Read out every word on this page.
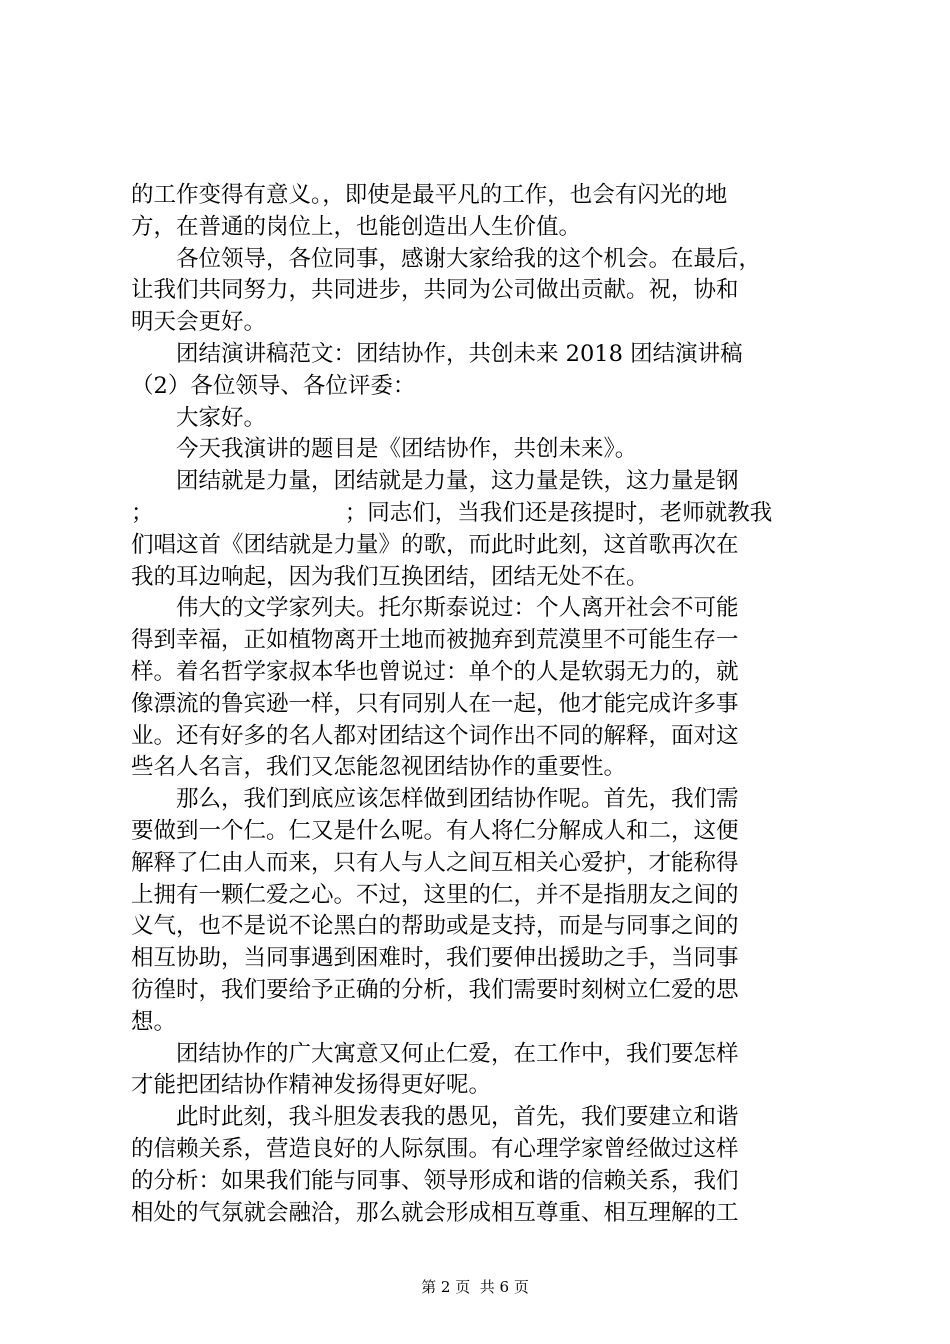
的工作变得有意义。，即使是最平凡的工作，也会有闪光的地
方，在普通的岗位上，也能创造出人生价值。
　　各位领导，各位同事，感谢大家给我的这个机会。在最后，
让我们共同努力，共同进步，共同为公司做出贡献。祝，协和
明天会更好。
　　团结演讲稿范文：团结协作，共创未来 2018 团结演讲稿
（2）各位领导、各位评委：
　　大家好。
　　今天我演讲的题目是《团结协作，共创未来》。
　　团结就是力量，团结就是力量，这力量是铁，这力量是钢
；　　　　　　　　　；同志们，当我们还是孩提时，老师就教我
们唱这首《团结就是力量》的歌，而此时此刻，这首歌再次在
我的耳边响起，因为我们互换团结，团结无处不在。
　　伟大的文学家列夫。托尔斯泰说过：个人离开社会不可能
得到幸福，正如植物离开土地而被抛弃到荒漠里不可能生存一
样。着名哲学家叔本华也曾说过：单个的人是软弱无力的，就
像漂流的鲁宾逊一样，只有同别人在一起，他才能完成许多事
业。还有好多的名人都对团结这个词作出不同的解释，面对这
些名人名言，我们又怎能忽视团结协作的重要性。
　　那么，我们到底应该怎样做到团结协作呢。首先，我们需
要做到一个仁。仁又是什么呢。有人将仁分解成人和二，这便
解释了仁由人而来，只有人与人之间互相关心爱护，才能称得
上拥有一颗仁爱之心。不过，这里的仁，并不是指朋友之间的
义气，也不是说不论黑白的帮助或是支持，而是与同事之间的
相互协助，当同事遇到困难时，我们要伸出援助之手，当同事
彷徨时，我们要给予正确的分析，我们需要时刻树立仁爱的思
想。
　　团结协作的广大寓意又何止仁爱，在工作中，我们要怎样
才能把团结协作精神发扬得更好呢。
　　此时此刻，我斗胆发表我的愚见，首先，我们要建立和谐
的信赖关系，营造良好的人际氛围。有心理学家曾经做过这样
的分析：如果我们能与同事、领导形成和谐的信赖关系，我们
相处的气氛就会融洽，那么就会形成相互尊重、相互理解的工
第 2 页  共 6 页
